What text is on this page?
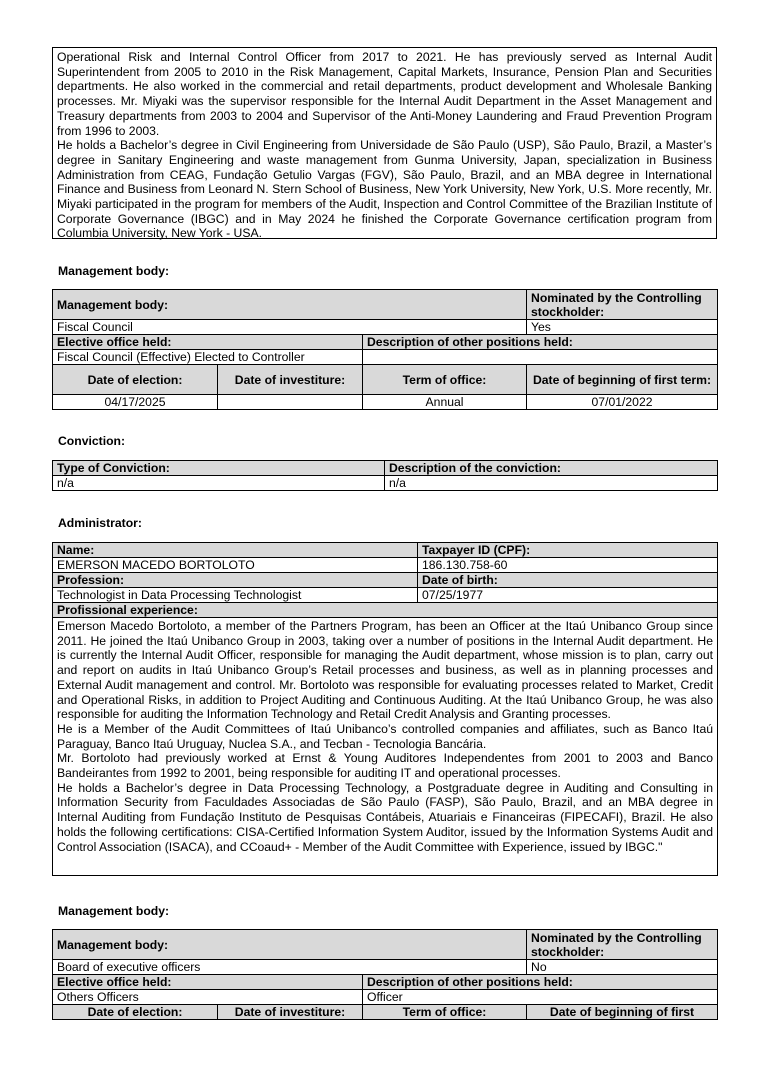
Operational Risk and Internal Control Officer from 2017 to 2021. He has previously served as Internal Audit Superintendent from 2005 to 2010 in the Risk Management, Capital Markets, Insurance, Pension Plan and Securities departments. He also worked in the commercial and retail departments, product development and Wholesale Banking processes. Mr. Miyaki was the supervisor responsible for the Internal Audit Department in the Asset Management and Treasury departments from 2003 to 2004 and Supervisor of the Anti-Money Laundering and Fraud Prevention Program from 1996 to 2003.

He holds a Bachelor’s degree in Civil Engineering from Universidade de São Paulo (USP), São Paulo, Brazil, a Master’s degree in Sanitary Engineering and waste management from Gunma University, Japan, specialization in Business Administration from CEAG, Fundação Getulio Vargas (FGV), São Paulo, Brazil, and an MBA degree in International Finance and Business from Leonard N. Stern School of Business, New York University, New York, U.S. More recently, Mr. Miyaki participated in the program for members of the Audit, Inspection and Control Committee of the Brazilian Institute of Corporate Governance (IBGC) and in May 2024 he finished the Corporate Governance certification program from Columbia University, New York - USA.

Management body:
Management body:			Nominated by the Controlling stockholder:
Fiscal Council			Yes
Elective office held:		Description of other positions held:	
Fiscal Council (Effective) Elected to Controller			
Date of election:	Date of investiture:	Term of office:	Date of beginning of first term:
04/17/2025		Annual	07/01/2022
Conviction:
Type of Conviction:	Description of the conviction:
n/a	n/a
Administrator:
Name:	Taxpayer ID (CPF):
EMERSON MACEDO BORTOLOTO	186.130.758-60
Profession:	Date of birth:
Technologist in Data Processing Technologist	07/25/1977
Profissional experience:	

Emerson Macedo Bortoloto, a member of the Partners Program, has been an Officer at the Itaú Unibanco Group since 2011. He joined the Itaú Unibanco Group in 2003, taking over a number of positions in the Internal Audit department. He is currently the Internal Audit Officer, responsible for managing the Audit department, whose mission is to plan, carry out and report on audits in Itaú Unibanco Group’s Retail processes and business, as well as in planning processes and External Audit management and control. Mr. Bortoloto was responsible for evaluating processes related to Market, Credit and Operational Risks, in addition to Project Auditing and Continuous Auditing. At the Itaú Unibanco Group, he was also responsible for auditing the Information Technology and Retail Credit Analysis and Granting processes.

He is a Member of the Audit Committees of Itaú Unibanco’s controlled companies and affiliates, such as Banco Itaú Paraguay, Banco Itaú Uruguay, Nuclea S.A., and Tecban - Tecnologia Bancária.

Mr. Bortoloto had previously worked at Ernst & Young Auditores Independentes from 2001 to 2003 and Banco Bandeirantes from 1992 to 2001, being responsible for auditing IT and operational processes.

He holds a Bachelor’s degree in Data Processing Technology, a Postgraduate degree in Auditing and Consulting in Information Security from Faculdades Associadas de São Paulo (FASP), São Paulo, Brazil, and an MBA degree in Internal Auditing from Fundação Instituto de Pesquisas Contábeis, Atuariais e Financeiras (FIPECAFI), Brazil. He also holds the following certifications: CISA-Certified Information System Auditor, issued by the Information Systems Audit and Control Association (ISACA), and CCoaud+ - Member of the Audit Committee with Experience, issued by IBGC."	

Management body:
Management body:			Nominated by the Controlling stockholder:
Board of executive officers			No
Elective office held:		Description of other positions held:	
Others Officers		Officer	
Date of election:	Date of investiture:	Term of office:	Date of beginning of first
